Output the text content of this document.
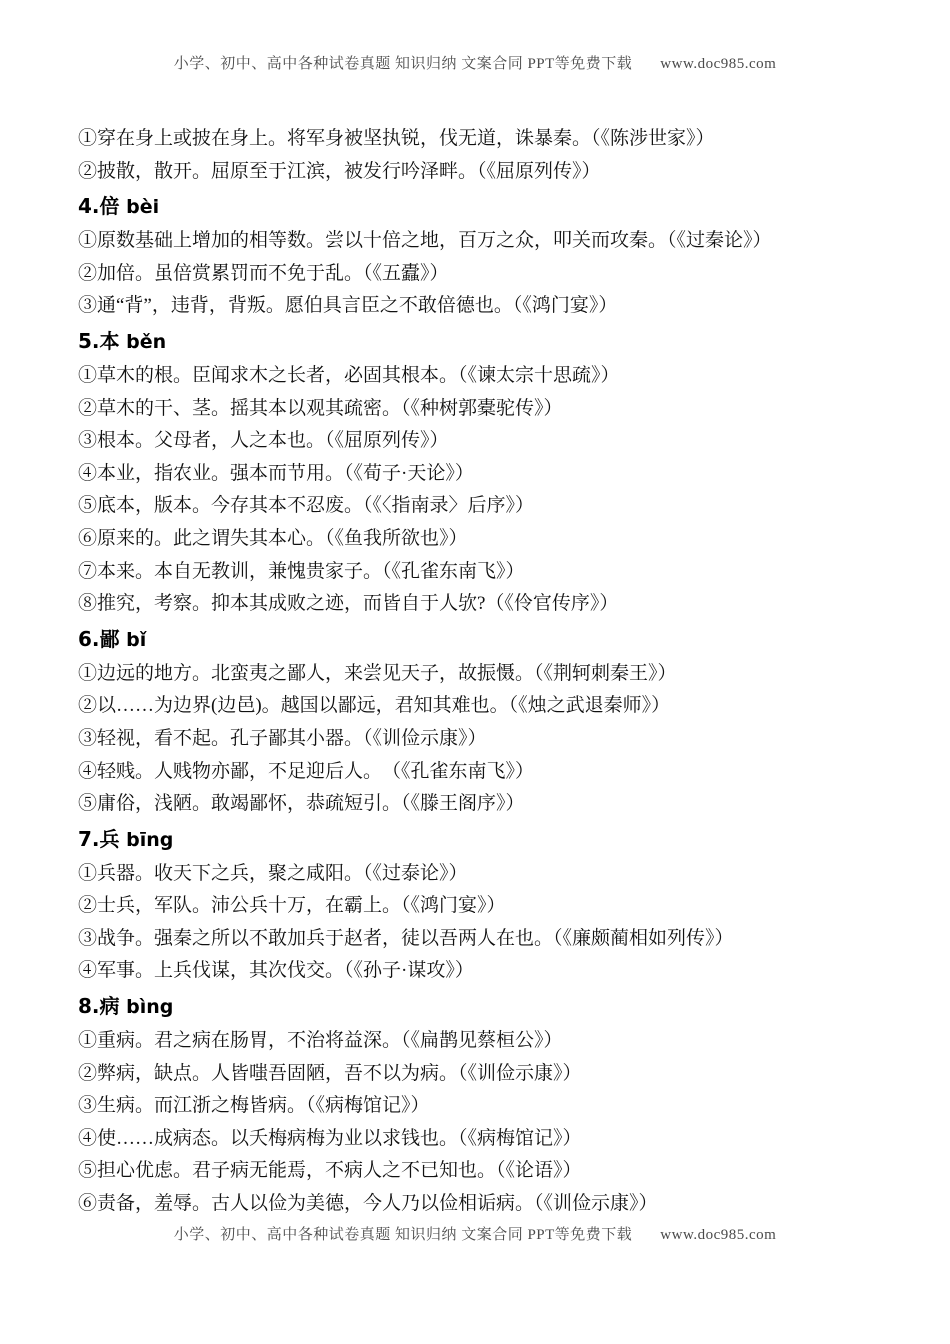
小学、初中、高中各种试卷真题 知识归纳 文案合同 PPT等免费下载 www.doc985.com

①穿在身上或披在身上。将军身被坚执锐，伐无道，诛暴秦。（《陈涉世家》）

②披散，散开。屈原至于江滨，被发行吟泽畔。（《屈原列传》）

4.倍 bèi

①原数基础上增加的相等数。尝以十倍之地，百万之众，叩关而攻秦。（《过秦论》）

②加倍。虽倍赏累罚而不免于乱。（《五蠹》）

③通“背”，违背，背叛。愿伯具言臣之不敢倍德也。（《鸿门宴》）

5.本 běn

①草木的根。臣闻求木之长者，必固其根本。（《谏太宗十思疏》）

②草木的干、茎。摇其本以观其疏密。（《种树郭橐驼传》）

③根本。父母者，人之本也。（《屈原列传》）

④本业，指农业。强本而节用。（《荀子·天论》）

⑤底本，版本。今存其本不忍废。（《〈指南录〉后序》）

⑥原来的。此之谓失其本心。（《鱼我所欲也》）

⑦本来。本自无教训，兼愧贵家子。（《孔雀东南飞》）

⑧推究，考察。抑本其成败之迹，而皆自于人欤?（《伶官传序》）

6.鄙 bǐ

①边远的地方。北蛮夷之鄙人，来尝见天子，故振慑。（《荆轲刺秦王》）

②以……为边界(边邑)。越国以鄙远，君知其难也。（《烛之武退秦师》）

③轻视，看不起。孔子鄙其小器。（《训俭示康》）

④轻贱。人贱物亦鄙，不足迎后人。　（《孔雀东南飞》）

⑤庸俗，浅陋。敢竭鄙怀，恭疏短引。（《滕王阁序》）

7.兵 bīng

①兵器。收天下之兵，聚之咸阳。（《过泰论》）

②士兵，军队。沛公兵十万，在霸上。（《鸿门宴》）

③战争。强秦之所以不敢加兵于赵者，徒以吾两人在也。（《廉颇蔺相如列传》）

④军事。上兵伐谋，其次伐交。（《孙子·谋攻》）

8.病 bìng

①重病。君之病在肠胃，不治将益深。（《扁鹊见蔡桓公》）

②弊病，缺点。人皆嗤吾固陋，吾不以为病。（《训俭示康》）

③生病。而江浙之梅皆病。（《病梅馆记》）

④使……成病态。以夭梅病梅为业以求钱也。（《病梅馆记》）

⑤担心优虑。君子病无能焉，不病人之不已知也。（《论语》）

⑥责备，羞辱。古人以俭为美德，今人乃以俭相诟病。（《训俭示康》）

小学、初中、高中各种试卷真题 知识归纳 文案合同 PPT等免费下载 www.doc985.com
